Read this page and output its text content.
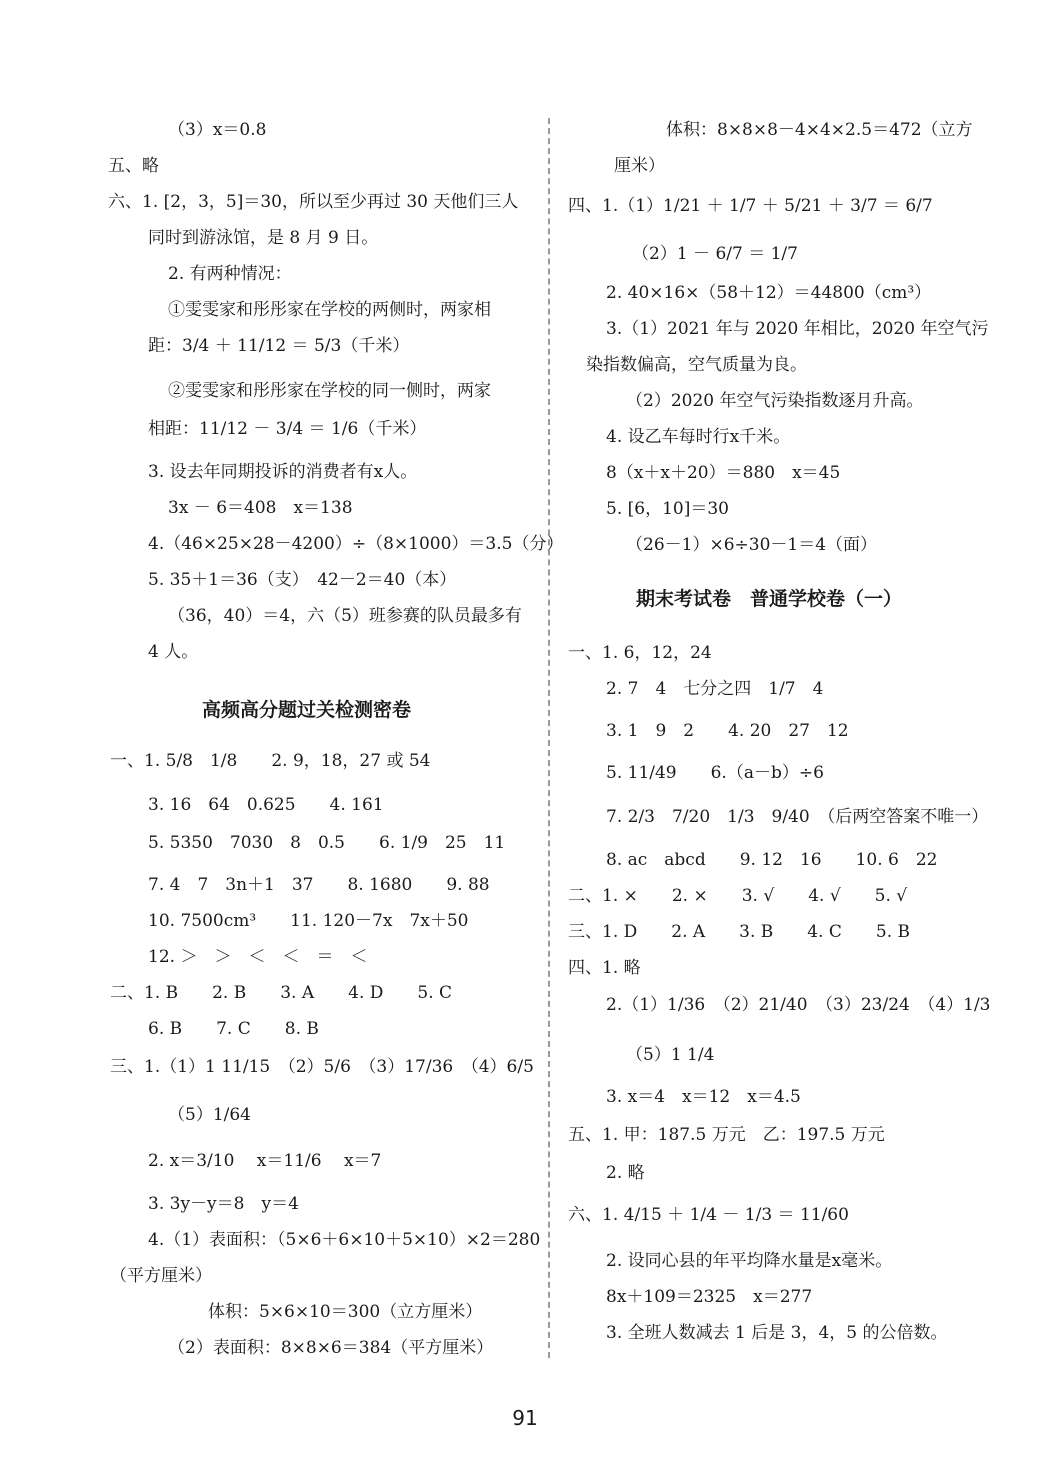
（3）x＝0.8
五、略
六、1. [2，3，5]＝30，所以至少再过 30 天他们三人
同时到游泳馆，是 8 月 9 日。
2. 有两种情况：
①雯雯家和彤彤家在学校的两侧时，两家相
距：3/4 ＋ 11/12 ＝ 5/3（千米）
②雯雯家和彤彤家在学校的同一侧时，两家
相距：11/12 － 3/4 ＝ 1/6（千米）
3. 设去年同期投诉的消费者有x人。
3x － 6＝408　x＝138
4.（46×25×28－4200）÷（8×1000）＝3.5（分）
5. 35＋1＝36（支）　42－2＝40（本）
（36，40）＝4，六（5）班参赛的队员最多有
4 人。
一、1. 5/8　1/8　　2. 9，18，27 或 54
3. 16　64　0.625　　4. 161
5. 5350　7030　8　0.5　　6. 1/9　25　11
7. 4　7　3n＋1　37　　8. 1680　　9. 88
10. 7500cm³　　11. 120－7x　7x＋50
12. ＞　＞　＜　＜　＝　＜
二、1. B　　2. B　　3. A　　4. D　　5. C
6. B　　7. C　　8. B
三、1.（1）1 11/15　（2）5/6　（3）17/36　（4）6/5
（5）1/64
2. x＝3/10　 x＝11/6　 x＝7
3. 3y－y＝8　y＝4
4.（1）表面积：（5×6＋6×10＋5×10）×2＝280
（平方厘米）
体积：5×6×10＝300（立方厘米）
（2）表面积：8×8×6＝384（平方厘米）
高频高分题过关检测密卷
体积：8×8×8－4×4×2.5＝472（立方
厘米）
四、1.（1）1/21 ＋ 1/7 ＋ 5/21 ＋ 3/7 ＝ 6/7
（2）1 － 6/7 ＝ 1/7
2. 40×16×（58＋12）＝44800（cm³）
3.（1）2021 年与 2020 年相比，2020 年空气污
染指数偏高，空气质量为良。
（2）2020 年空气污染指数逐月升高。
4. 设乙车每时行x千米。
8（x＋x＋20）＝880　x＝45
5. [6，10]＝30
（26－1）×6÷30－1＝4（面）
一、1. 6，12，24
2. 7　4　七分之四　1/7　4
3. 1　9　2　　4. 20　27　12
5. 11/49　　6.（a－b）÷6
7. 2/3　7/20　1/3　9/40　（后两空答案不唯一）
8. ac　abcd　　9. 12　16　　10. 6　22
二、1. ×　　2. ×　　3. √　　4. √　　5. √
三、1. D　　2. A　　3. B　　4. C　　5. B
四、1. 略
2.（1）1/36　（2）21/40　（3）23/24　（4）1/3
（5）1 1/4
3. x＝4　x＝12　x＝4.5
五、1. 甲：187.5 万元　乙：197.5 万元
2. 略
六、1. 4/15 ＋ 1/4 － 1/3 ＝ 11/60
2. 设同心县的年平均降水量是x毫米。
8x＋109＝2325　x＝277
3. 全班人数减去 1 后是 3，4，5 的公倍数。
期末考试卷　普通学校卷（一）
91
